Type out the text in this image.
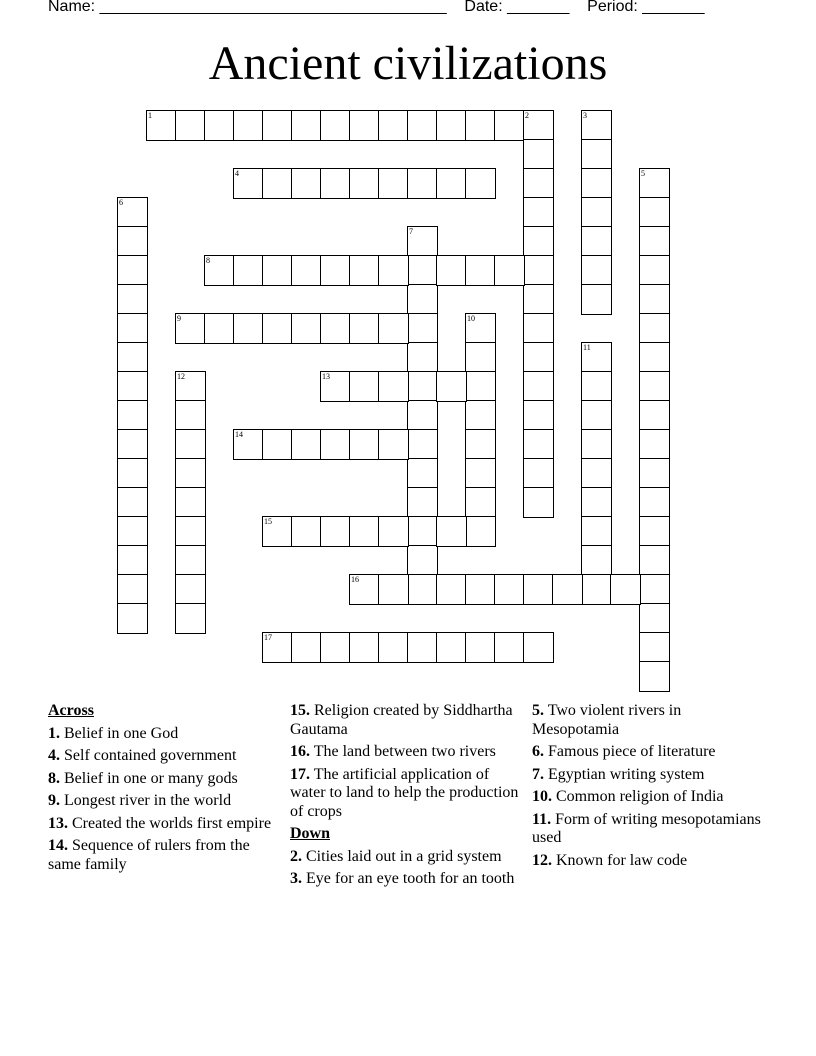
Name: _______________________________________    Date: _______    Period: _______
Ancient civilizations
1	2	3
4	5
6
7
8
9	10
11
12	13
14
15
16
17
Across
1. Belief in one God
4. Self contained government
8. Belief in one or many gods
9. Longest river in the world
13. Created the worlds first empire
14. Sequence of rulers from the same family
15. Religion created by Siddhartha Gautama
16. The land between two rivers
17. The artificial application of water to land to help the production of crops
Down
2. Cities laid out in a grid system
3. Eye for an eye tooth for an tooth
5. Two violent rivers in Mesopotamia
6. Famous piece of literature
7. Egyptian writing system
10. Common religion of India
11. Form of writing mesopotamians used
12. Known for law code
